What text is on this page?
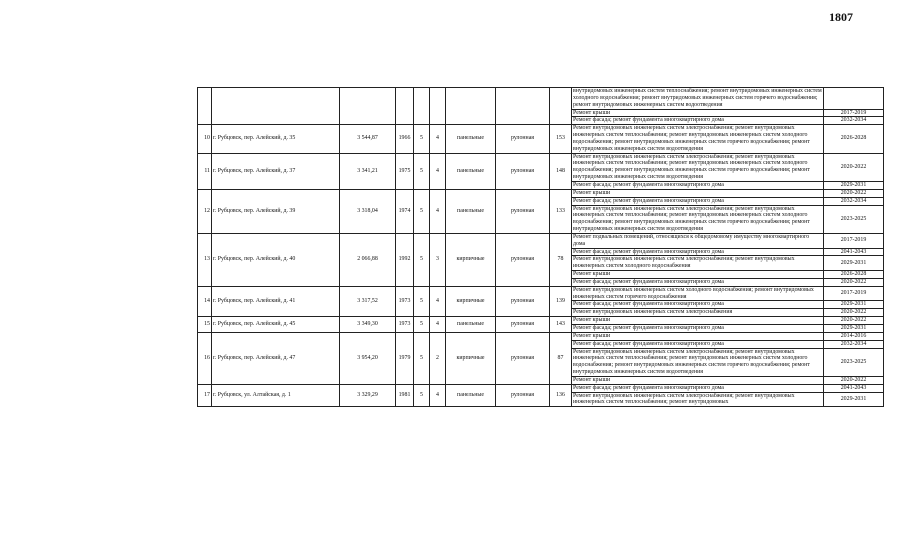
1807
									внутридомовых инженерных систем теплоснабжения; ремонт внутридомовых инженерных систем холодного водоснабжения; ремонт внутридомовых инженерных систем горячего водоснабжения; ремонт внутридомовых инженерных систем водоотведения	
									Ремонт крыши	2017-2019
									Ремонт фасада; ремонт фундамента многоквартирного дома	2032-2034
10	г. Рубцовск, пер. Алейский, д. 35	3 544,87	1966	5	4	панельные	рулонная	153	Ремонт внутридомовых инженерных систем электроснабжения; ремонт внутридомовых инженерных систем теплоснабжения; ремонт внутридомовых инженерных систем холодного водоснабжения; ремонт внутридомовых инженерных систем горячего водоснабжения; ремонт внутридомовых инженерных систем водоотведения	2026-2028
11	г. Рубцовск, пер. Алейский, д. 37	3 341,21	1975	5	4	панельные	рулонная	148	Ремонт внутридомовых инженерных систем электроснабжения; ремонт внутридомовых инженерных систем теплоснабжения; ремонт внутридомовых инженерных систем холодного водоснабжения; ремонт внутридомовых инженерных систем горячего водоснабжения; ремонт внутридомовых инженерных систем водоотведения	2020-2022
									Ремонт фасада; ремонт фундамента многоквартирного дома	2029-2031
12	г. Рубцовск, пер. Алейский, д. 39	3 318,04	1974	5	4	панельные	рулонная	133	Ремонт крыши	2020-2022
									Ремонт фасада; ремонт фундамента многоквартирного дома	2032-2034
									Ремонт внутридомовых инженерных систем электроснабжения; ремонт внутридомовых инженерных систем теплоснабжения; ремонт внутридомовых инженерных систем холодного водоснабжения; ремонт внутридомовых инженерных систем горячего водоснабжения; ремонт внутридомовых инженерных систем водоотведения	2023-2025
13	г. Рубцовск, пер. Алейский, д. 40	2 066,88	1992	5	3	кирпичные	рулонная	78	Ремонт подвальных помещений, относящихся к общедомовому имуществу многоквартирного дома	2017-2019
									Ремонт фасада; ремонт фундамента многоквартирного дома	2041-2043
									Ремонт внутридомовых инженерных систем электроснабжения; ремонт внутридомовых инженерных систем холодного водоснабжения	2029-2031
									Ремонт крыши	2026-2028
									Ремонт фасада; ремонт фундамента многоквартирного дома	2020-2022
14	г. Рубцовск, пер. Алейский, д. 41	3 317,52	1973	5	4	кирпичные	рулонная	139	Ремонт внутридомовых инженерных систем холодного водоснабжения; ремонт внутридомовых инженерных систем горячего водоснабжения	2017-2019
									Ремонт фасада; ремонт фундамента многоквартирного дома	2029-2031
									Ремонт внутридомовых инженерных систем электроснабжения	2020-2022
15	г. Рубцовск, пер. Алейский, д. 45	3 349,30	1973	5	4	панельные	рулонная	143	Ремонт крыши	2020-2022
									Ремонт фасада; ремонт фундамента многоквартирного дома	2029-2031
16	г. Рубцовск, пер. Алейский, д. 47	3 954,20	1979	5	2	кирпичные	рулонная	87	Ремонт крыши	2014-2016
									Ремонт фасада; ремонт фундамента многоквартирного дома	2032-2034
									Ремонт внутридомовых инженерных систем электроснабжения; ремонт внутридомовых инженерных систем теплоснабжения; ремонт внутридомовых инженерных систем холодного водоснабжения; ремонт внутридомовых инженерных систем горячего водоснабжения; ремонт внутридомовых инженерных систем водоотведения	2023-2025
									Ремонт крыши	2020-2022
17	г. Рубцовск, ул. Алтайская, д. 1	3 329,29	1981	5	4	панельные	рулонная	136	Ремонт фасада; ремонт фундамента многоквартирного дома	2041-2043
									Ремонт внутридомовых инженерных систем электроснабжения; ремонт внутридомовых инженерных систем теплоснабжения; ремонт внутридомовых	2029-2031
